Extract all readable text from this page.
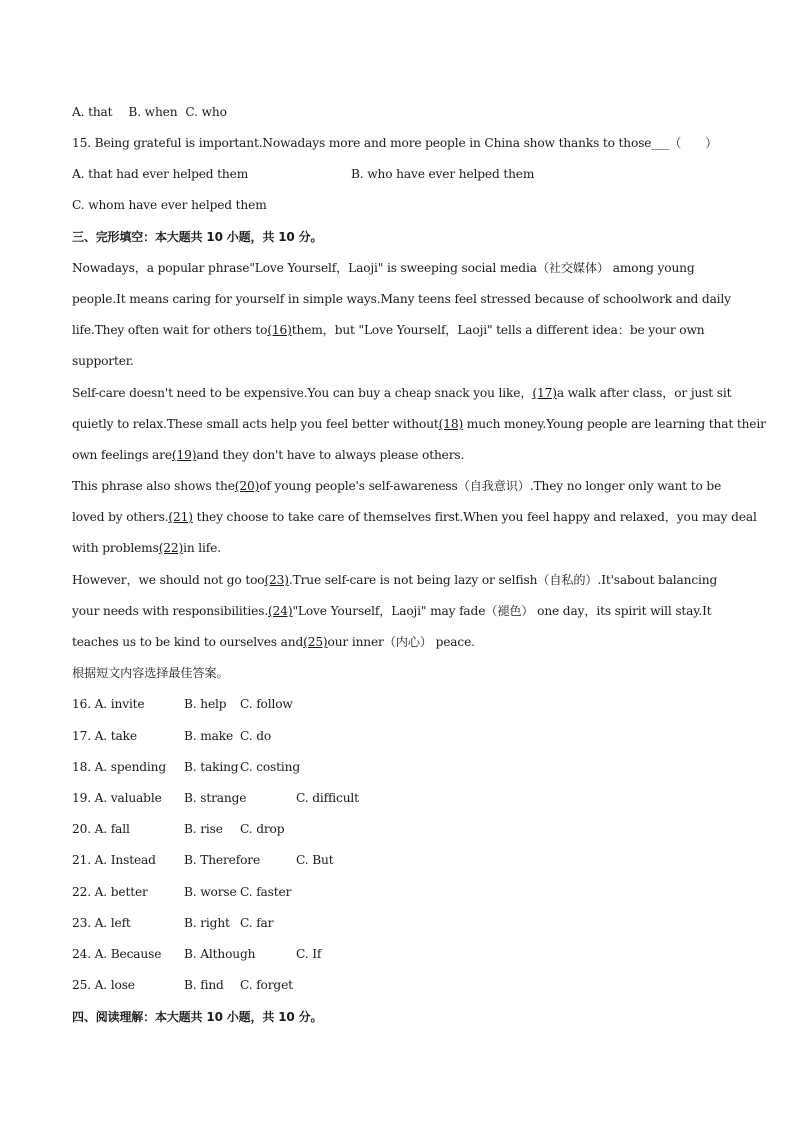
A. that B. when C. who
15. Being grateful is important.Nowadays more and more people in China show thanks to those___（　　）
A. that had ever helped them	B. who have ever helped them
C. whom have ever helped them
三、完形填空：本大题共 10 小题，共 10 分。
Nowadays，a popular phrase"Love Yourself，Laoji" is sweeping social media（社交媒体） among young
people.It means caring for yourself in simple ways.Many teens feel stressed because of schoolwork and daily
life.They often wait for others to(16)them，but "Love Yourself，Laoji" tells a different idea：be your own
supporter.
Self-care doesn't need to be expensive.You can buy a cheap snack you like，(17)a walk after class，or just sit
quietly to relax.These small acts help you feel better without(18) much money.Young people are learning that their
own feelings are(19)and they don't have to always please others.
This phrase also shows the(20)of young people's self-awareness（自我意识）.They no longer only want to be
loved by others.(21) they choose to take care of themselves first.When you feel happy and relaxed，you may deal
with problems(22)in life.
However，we should not go too(23).True self-care is not being lazy or selfish（自私的）.It'sabout balancing
your needs with responsibilities.(24)"Love Yourself，Laoji" may fade（褪色） one day，its spirit will stay.It
teaches us to be kind to ourselves and(25)our inner（内心） peace.
根据短文内容选择最佳答案。
16. A. invite	B. help C. follow
17. A. take	B. make C. do
18. A. spending B. taking C. costing
19. A. valuable B. strange	C. difficult
20. A. fall	B. rise C. drop
21. A. Instead B. Therefore	C. But
22. A. better	B. worse C. faster
23. A. left	B. right C. far
24. A. Because B. Although	C. If
25. A. lose	B. find C. forget
四、阅读理解：本大题共 10 小题，共 10 分。
